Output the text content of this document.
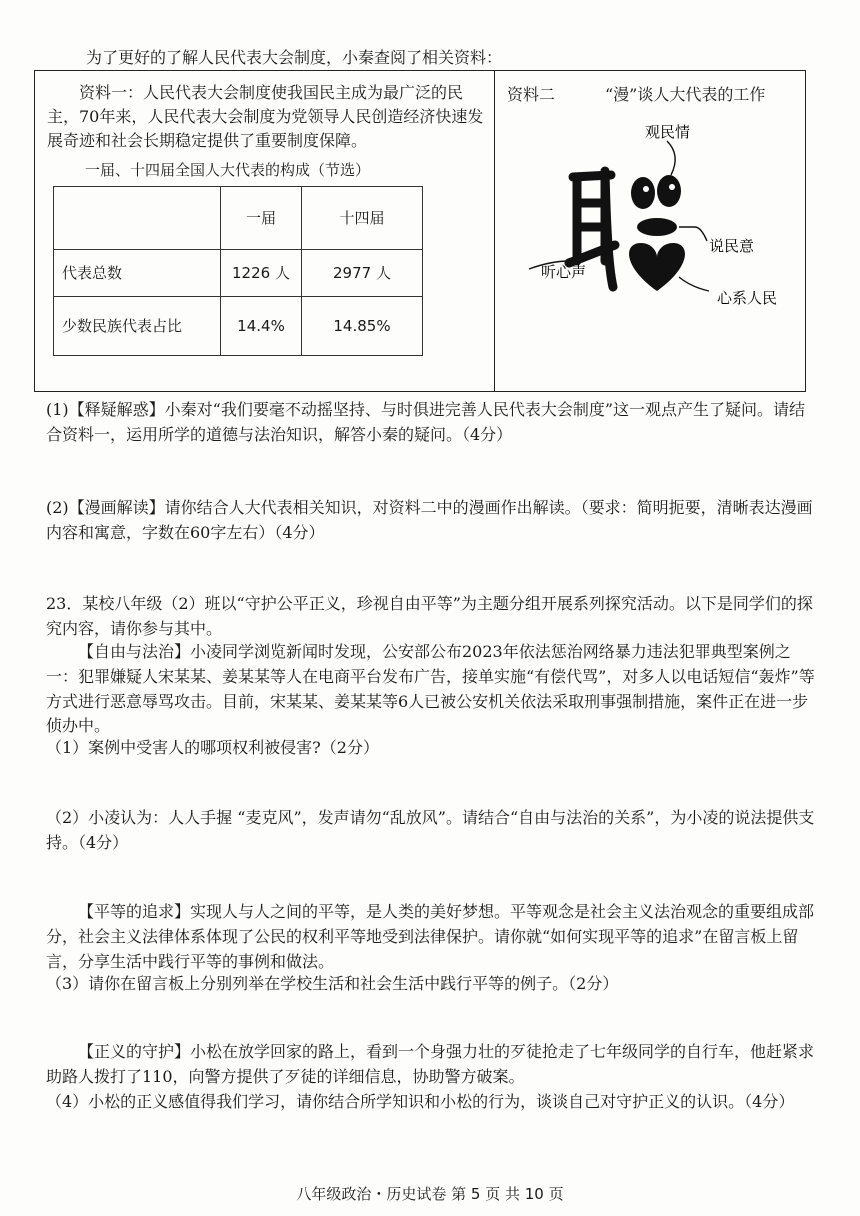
为了更好的了解人民代表大会制度，小秦查阅了相关资料：

资料一：人民代表大会制度使我国民主成为最广泛的民主，70年来，人民代表大会制度为党领导人民创造经济快速发展奇迹和社会长期稳定提供了重要制度保障。

一届、十四届全国人大代表的构成（节选）
	一届	十四届
代表总数	1226 人	2977 人
少数民族代表占比	14.4%	14.85%
资料二	“漫”谈人大代表的工作
观民情
说民意
听心声
心系人民

(1)【释疑解惑】小秦对“我们要毫不动摇坚持、与时俱进完善人民代表大会制度”这一观点产生了疑问。请结合资料一，运用所学的道德与法治知识，解答小秦的疑问。（4分）

(2)【漫画解读】请你结合人大代表相关知识，对资料二中的漫画作出解读。（要求：简明扼要，清晰表达漫画内容和寓意，字数在60字左右）（4分）

23．某校八年级（2）班以“守护公平正义，珍视自由平等”为主题分组开展系列探究活动。以下是同学们的探究内容，请你参与其中。

【自由与法治】小凌同学浏览新闻时发现，公安部公布2023年依法惩治网络暴力违法犯罪典型案例之一：犯罪嫌疑人宋某某、姜某某等人在电商平台发布广告，接单实施“有偿代骂”，对多人以电话短信“轰炸”等方式进行恶意辱骂攻击。目前，宋某某、姜某某等6人已被公安机关依法采取刑事强制措施，案件正在进一步侦办中。

（1）案例中受害人的哪项权利被侵害?（2分）

（2）小凌认为：人人手握 “麦克风”，发声请勿“乱放风”。请结合“自由与法治的关系”，为小凌的说法提供支持。（4分）

【平等的追求】实现人与人之间的平等，是人类的美好梦想。平等观念是社会主义法治观念的重要组成部分，社会主义法律体系体现了公民的权利平等地受到法律保护。请你就“如何实现平等的追求”在留言板上留言，分享生活中践行平等的事例和做法。

（3）请你在留言板上分别列举在学校生活和社会生活中践行平等的例子。（2分）

【正义的守护】小松在放学回家的路上，看到一个身强力壮的歹徒抢走了七年级同学的自行车，他赶紧求助路人拨打了110，向警方提供了歹徒的详细信息，协助警方破案。

（4）小松的正义感值得我们学习，请你结合所学知识和小松的行为，谈谈自己对守护正义的认识。（4分）

八年级政治・历史试卷 第 5 页 共 10 页
